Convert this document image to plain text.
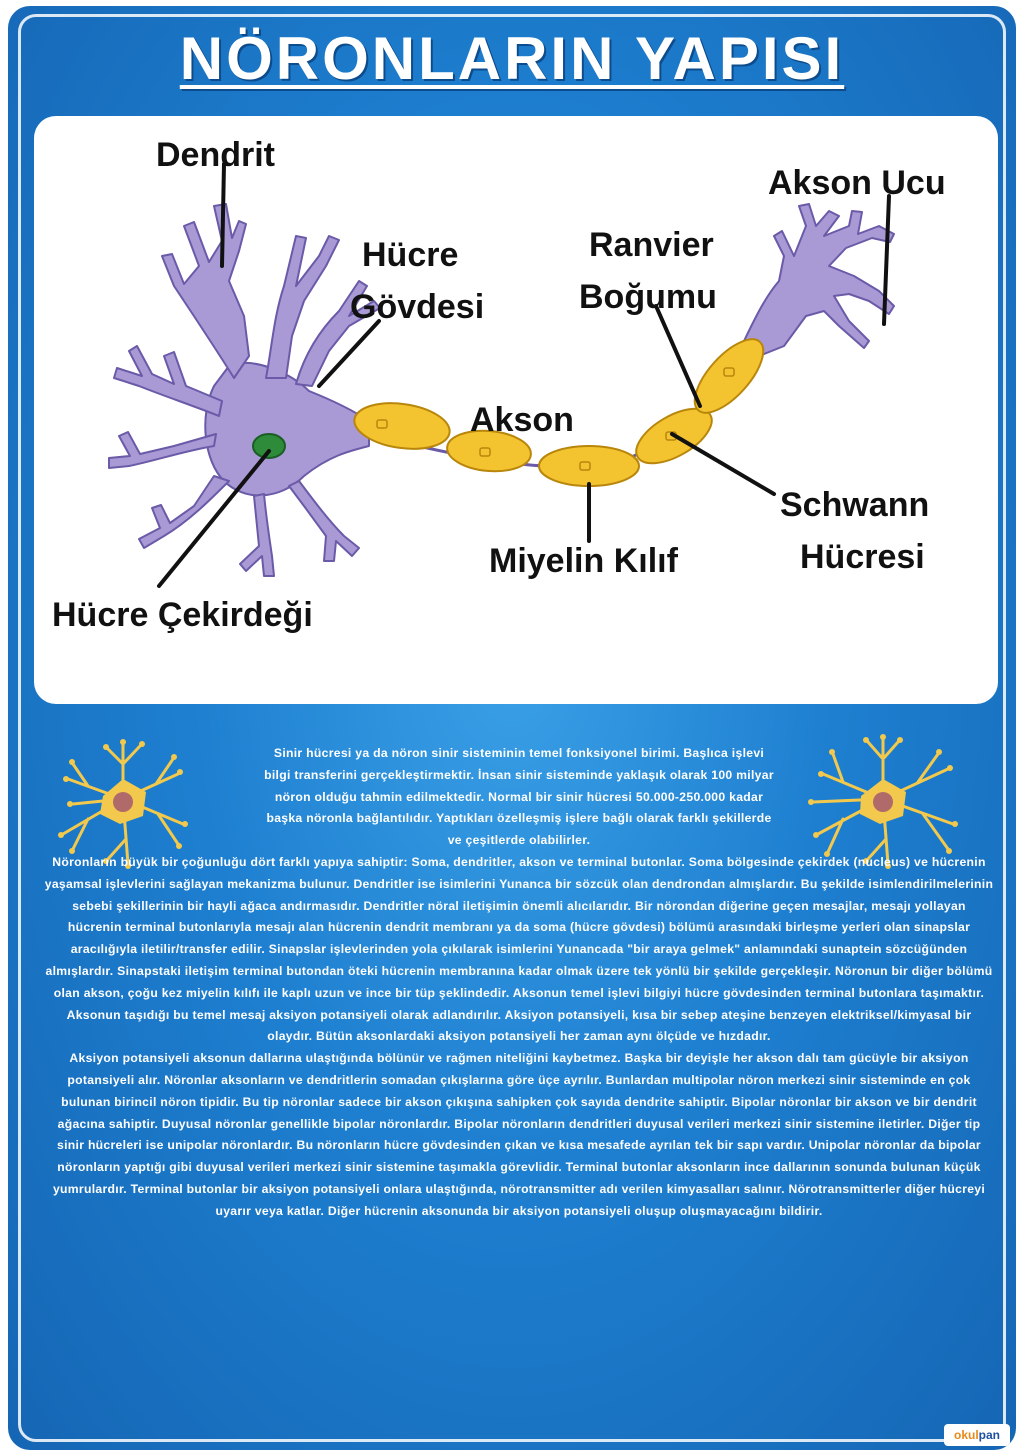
NÖRONLARIN YAPISI
Dendrit
Hücre
Gövdesi
Akson Ucu
Ranvier
Boğumu
Akson
Schwann
Hücresi
Miyelin Kılıf
Hücre Çekirdeği

Sinir hücresi ya da nöron sinir sisteminin temel fonksiyonel birimi. Başlıca işlevi bilgi transferini gerçekleştirmektir. İnsan sinir sisteminde yaklaşık olarak 100 milyar nöron olduğu tahmin edilmektedir. Normal bir sinir hücresi 50.000-250.000 kadar başka nöronla bağlantılıdır. Yaptıkları özelleşmiş işlere bağlı olarak farklı şekillerde ve çeşitlerde olabilirler.

Nöronların büyük bir çoğunluğu dört farklı yapıya sahiptir: Soma, dendritler, akson ve terminal butonlar. Soma bölgesinde çekirdek (nucleus) ve hücrenin yaşamsal işlevlerini sağlayan mekanizma bulunur. Dendritler ise isimlerini Yunanca bir sözcük olan dendrondan almışlardır. Bu şekilde isimlendirilmelerinin sebebi şekillerinin bir hayli ağaca andırmasıdır. Dendritler nöral iletişimin önemli alıcılarıdır. Bir nörondan diğerine geçen mesajlar, mesajı yollayan hücrenin terminal butonlarıyla mesajı alan hücrenin dendrit membranı ya da soma (hücre gövdesi) bölümü arasındaki birleşme yerleri olan sinapslar aracılığıyla iletilir/transfer edilir. Sinapslar işlevlerinden yola çıkılarak isimlerini Yunancada "bir araya gelmek" anlamındaki sunaptein sözcüğünden almışlardır. Sinapstaki iletişim terminal butondan öteki hücrenin membranına kadar olmak üzere tek yönlü bir şekilde gerçekleşir. Nöronun bir diğer bölümü olan akson, çoğu kez miyelin kılıfı ile kaplı uzun ve ince bir tüp şeklindedir. Aksonun temel işlevi bilgiyi hücre gövdesinden terminal butonlara taşımaktır. Aksonun taşıdığı bu temel mesaj aksiyon potansiyeli olarak adlandırılır. Aksiyon potansiyeli, kısa bir sebep ateşine benzeyen elektriksel/kimyasal bir olaydır. Bütün aksonlardaki aksiyon potansiyeli her zaman aynı ölçüde ve hızdadır.

Aksiyon potansiyeli aksonun dallarına ulaştığında bölünür ve rağmen niteliğini kaybetmez. Başka bir deyişle her akson dalı tam gücüyle bir aksiyon potansiyeli alır. Nöronlar aksonların ve dendritlerin somadan çıkışlarına göre üçe ayrılır. Bunlardan multipolar nöron merkezi sinir sisteminde en çok bulunan birincil nöron tipidir. Bu tip nöronlar sadece bir akson çıkışına sahipken çok sayıda dendrite sahiptir. Bipolar nöronlar bir akson ve bir dendrit ağacına sahiptir. Duyusal nöronlar genellikle bipolar nöronlardır. Bipolar nöronların dendritleri duyusal verileri merkezi sinir sistemine iletirler. Diğer tip sinir hücreleri ise unipolar nöronlardır. Bu nöronların hücre gövdesinden çıkan ve kısa mesafede ayrılan tek bir sapı vardır. Unipolar nöronlar da bipolar nöronların yaptığı gibi duyusal verileri merkezi sinir sistemine taşımakla görevlidir. Terminal butonlar aksonların ince dallarının sonunda bulunan küçük yumrulardır. Terminal butonlar bir aksiyon potansiyeli onlara ulaştığında, nörotransmitter adı verilen kimyasalları salınır. Nörotransmitterler diğer hücreyi uyarır veya katlar. Diğer hücrenin aksonunda bir aksiyon potansiyeli oluşup oluşmayacağını bildirir.

okulpan
